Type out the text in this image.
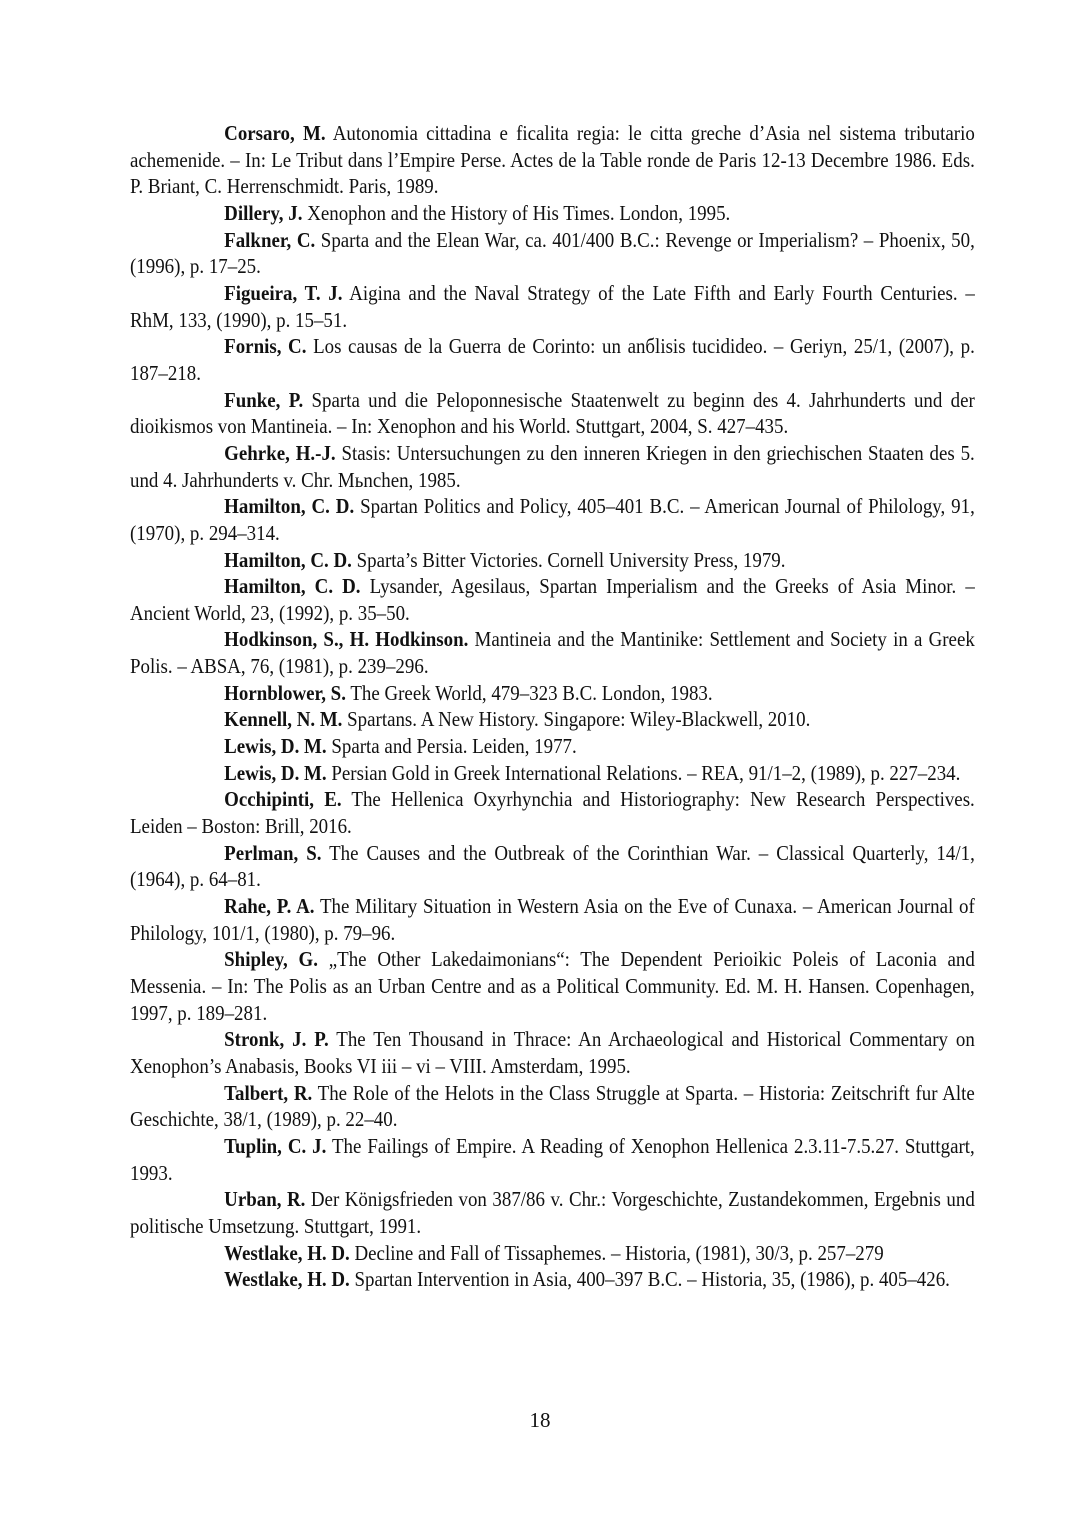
Corsaro, M. Autonomia cittadina e ficalita regia: le citta greche d’Asia nel sistema tributario achemenide. – In: Le Tribut dans l’Empire Perse. Actes de la Table ronde de Paris 12-13 Decembre 1986. Eds. P. Briant, C. Herrenschmidt. Paris, 1989.

Dillery, J. Xenophon and the History of His Times. London, 1995.

Falkner, C. Sparta and the Elean War, ca. 401/400 B.C.: Revenge or Imperialism? – Phoenix, 50, (1996), p. 17–25.

Figueira, T. J. Aigina and the Naval Strategy of the Late Fifth and Early Fourth Centuries. – RhM, 133, (1990), p. 15–51.

Fornis, C. Los causas de la Guerra de Corinto: un anбlisis tucidideo. – Geriyn, 25/1, (2007), p. 187–218.

Funke, P. Sparta und die Peloponnesische Staatenwelt zu beginn des 4. Jahrhunderts und der dioikismos von Mantineia. – In: Xenophon and his World. Stuttgart, 2004, S. 427–435.

Gehrke, H.-J. Stasis: Untersuchungen zu den inneren Kriegen in den griechischen Staaten des 5. und 4. Jahrhunderts v. Chr. Mьnchen, 1985.

Hamilton, C. D. Spartan Politics and Policy, 405–401 B.C. – American Journal of Philology, 91, (1970), p. 294–314.

Hamilton, C. D. Sparta’s Bitter Victories. Cornell University Press, 1979.

Hamilton, C. D. Lysander, Agesilaus, Spartan Imperialism and the Greeks of Asia Minor. – Ancient World, 23, (1992), p. 35–50.

Hodkinson, S., H. Hodkinson. Mantineia and the Mantinike: Settlement and Society in a Greek Polis. – ABSA, 76, (1981), p. 239–296.

Hornblower, S. The Greek World, 479–323 B.C. London, 1983.

Kennell, N. M. Spartans. A New History. Singapore: Wiley-Blackwell, 2010.

Lewis, D. M. Sparta and Persia. Leiden, 1977.

Lewis, D. M. Persian Gold in Greek International Relations. – REA, 91/1–2, (1989), p. 227–234.

Occhipinti, E. The Hellenica Oxyrhynchia and Historiography: New Research Perspectives. Leiden – Boston: Brill, 2016.

Perlman, S. The Causes and the Outbreak of the Corinthian War. – Classical Quarterly, 14/1, (1964), p. 64–81.

Rahe, P. A. The Military Situation in Western Asia on the Eve of Cunaxa. – American Journal of Philology, 101/1, (1980), p. 79–96.

Shipley, G. „The Other Lakedaimonians“: The Dependent Perioikic Poleis of Laconia and Messenia. – In: The Polis as an Urban Centre and as a Political Community. Ed. M. H. Hansen. Copenhagen, 1997, p. 189–281.

Stronk, J. P. The Ten Thousand in Thrace: An Archaeological and Historical Commentary on Xenophon’s Anabasis, Books VI iii – vi – VIII. Amsterdam, 1995.

Talbert, R. The Role of the Helots in the Class Struggle at Sparta. – Historia: Zeitschrift fur Alte Geschichte, 38/1, (1989), p. 22–40.

Tuplin, C. J. The Failings of Empire. A Reading of Xenophon Hellenica 2.3.11-7.5.27. Stuttgart, 1993.

Urban, R. Der Königsfrieden von 387/86 v. Chr.: Vorgeschichte, Zustandekommen, Ergebnis und politische Umsetzung. Stuttgart, 1991.

Westlake, H. D. Decline and Fall of Tissaphemes. – Historia, (1981), 30/3, p. 257–279

Westlake, H. D. Spartan Intervention in Asia, 400–397 B.C. – Historia, 35, (1986), p. 405–426.

18
